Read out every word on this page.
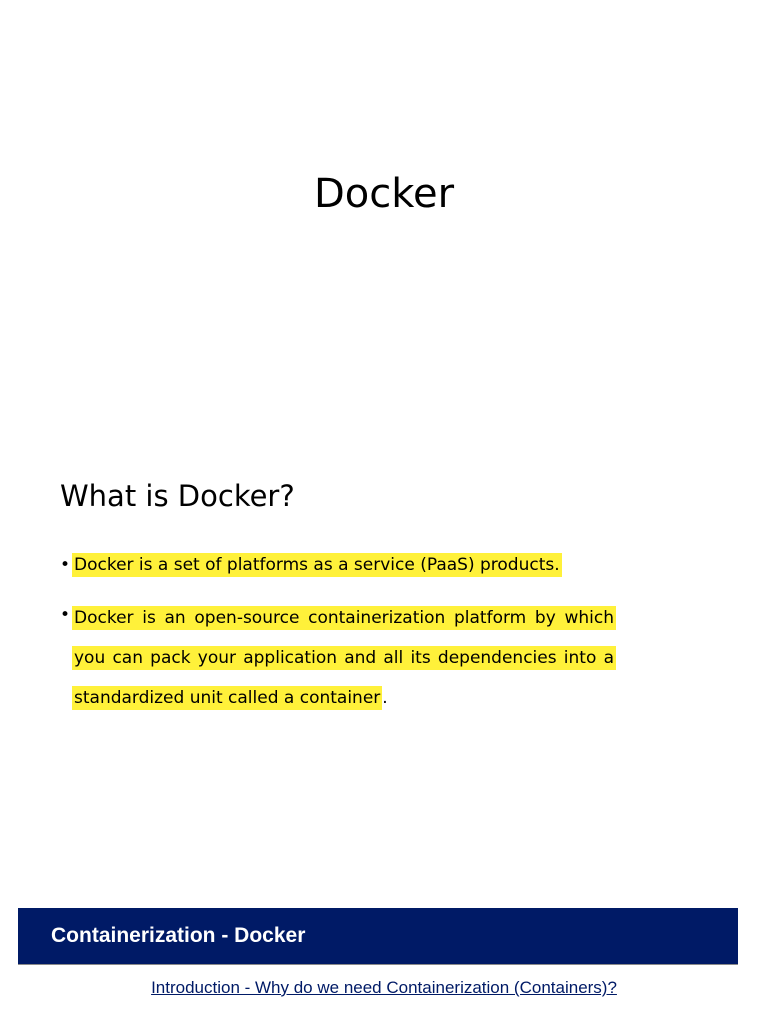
Docker
What is Docker?
• Docker is a set of platforms as a service (PaaS) products.
• Docker is an open-source containerization platform by which you can pack your application and all its dependencies into a standardized unit called a container .

Containerization - Docker

Introduction - Why do we need Containerization (Containers)?
